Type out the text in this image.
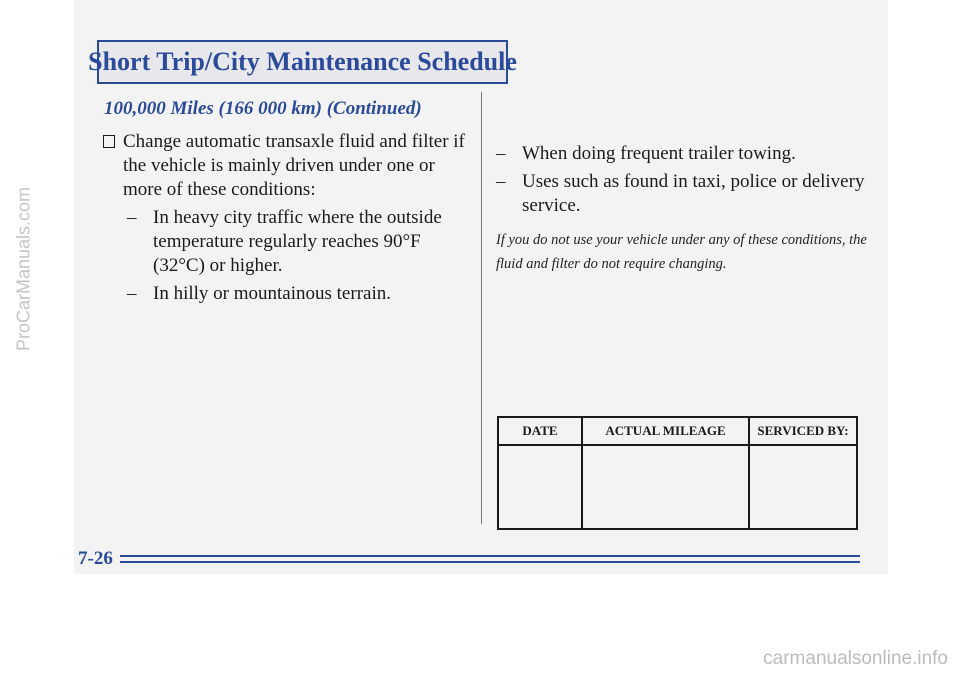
Short Trip/City Maintenance Schedule
100,000 Miles (166 000 km) (Continued)
Change automatic transaxle fluid and filter if the vehicle is mainly driven under one or more of these conditions:
– In heavy city traffic where the outside temperature regularly reaches 90°F (32°C) or higher.
– In hilly or mountainous terrain.
– When doing frequent trailer towing.
– Uses such as found in taxi, police or delivery service.
If you do not use your vehicle under any of these conditions, the fluid and filter do not require changing.
DATE	ACTUAL MILEAGE	SERVICED BY:
7-26
ProCarManuals.com
carmanualsonline.info
